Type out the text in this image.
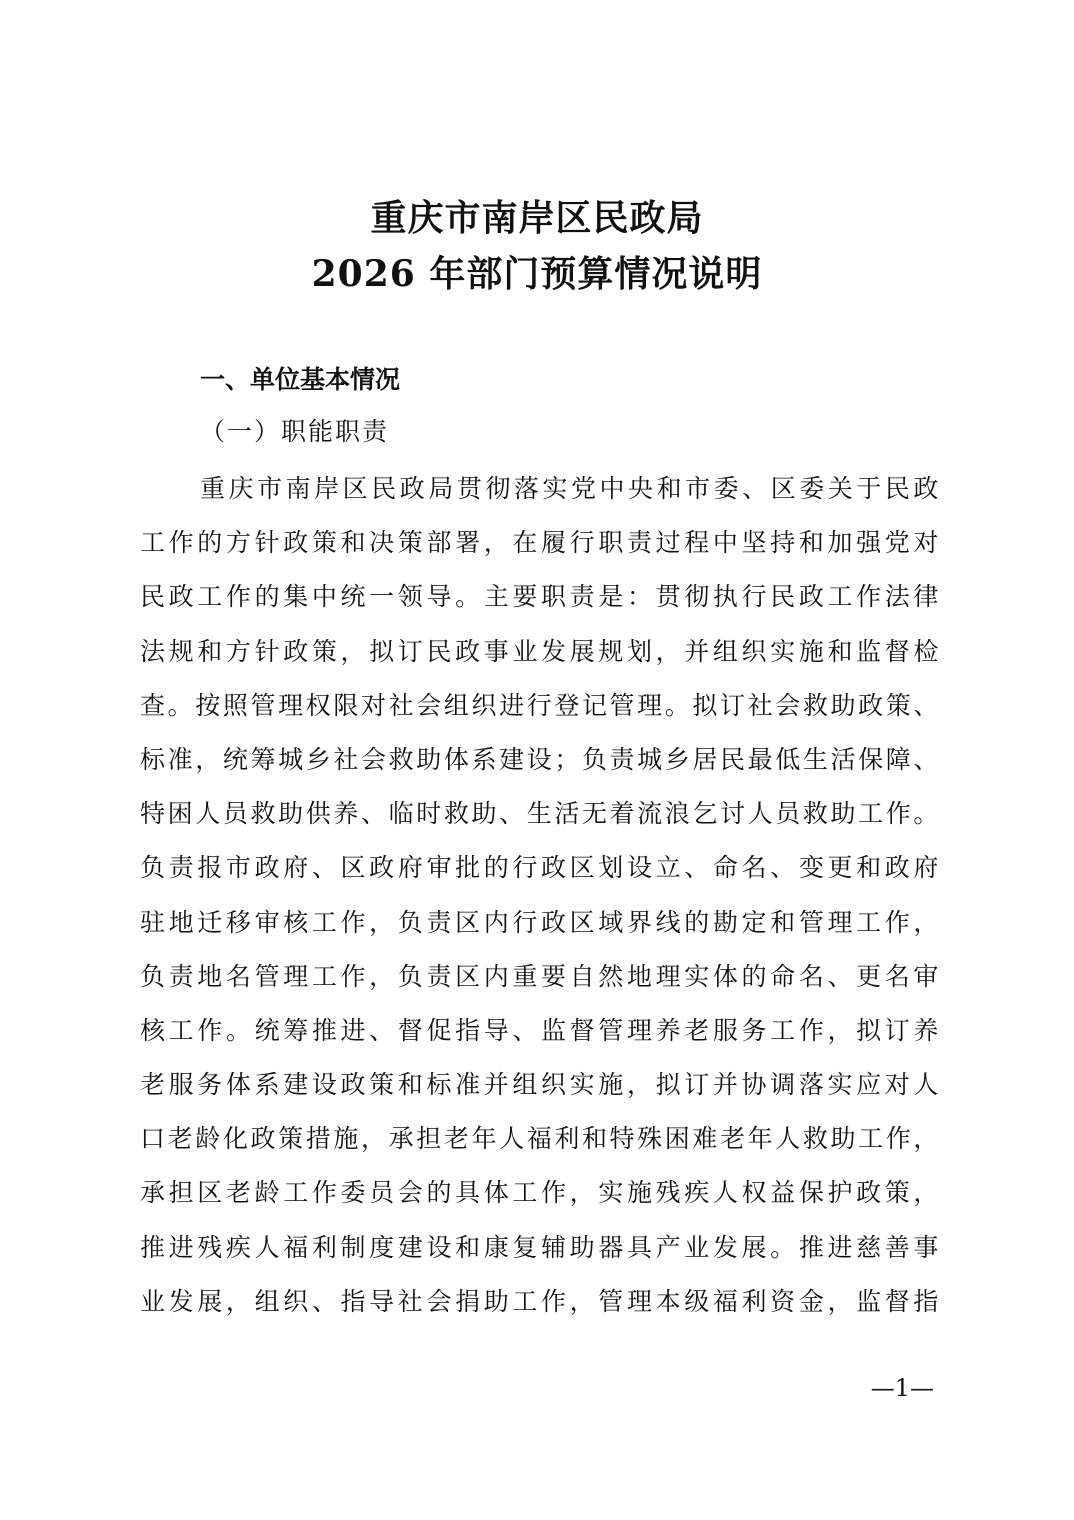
重庆市南岸区民政局
2026 年部门预算情况说明
一、单位基本情况
（一）职能职责
重庆市南岸区民政局贯彻落实党中央和市委、区委关于民政
工作的方针政策和决策部署，在履行职责过程中坚持和加强党对
民政工作的集中统一领导。主要职责是：贯彻执行民政工作法律
法规和方针政策，拟订民政事业发展规划，并组织实施和监督检
查。按照管理权限对社会组织进行登记管理。拟订社会救助政策、
标准，统筹城乡社会救助体系建设；负责城乡居民最低生活保障、
特困人员救助供养、临时救助、生活无着流浪乞讨人员救助工作。
负责报市政府、区政府审批的行政区划设立、命名、变更和政府
驻地迁移审核工作，负责区内行政区域界线的勘定和管理工作，
负责地名管理工作，负责区内重要自然地理实体的命名、更名审
核工作。统筹推进、督促指导、监督管理养老服务工作，拟订养
老服务体系建设政策和标准并组织实施，拟订并协调落实应对人
口老龄化政策措施，承担老年人福利和特殊困难老年人救助工作，
承担区老龄工作委员会的具体工作，实施残疾人权益保护政策，
推进残疾人福利制度建设和康复辅助器具产业发展。推进慈善事
业发展，组织、指导社会捐助工作，管理本级福利资金，监督指
—1—
